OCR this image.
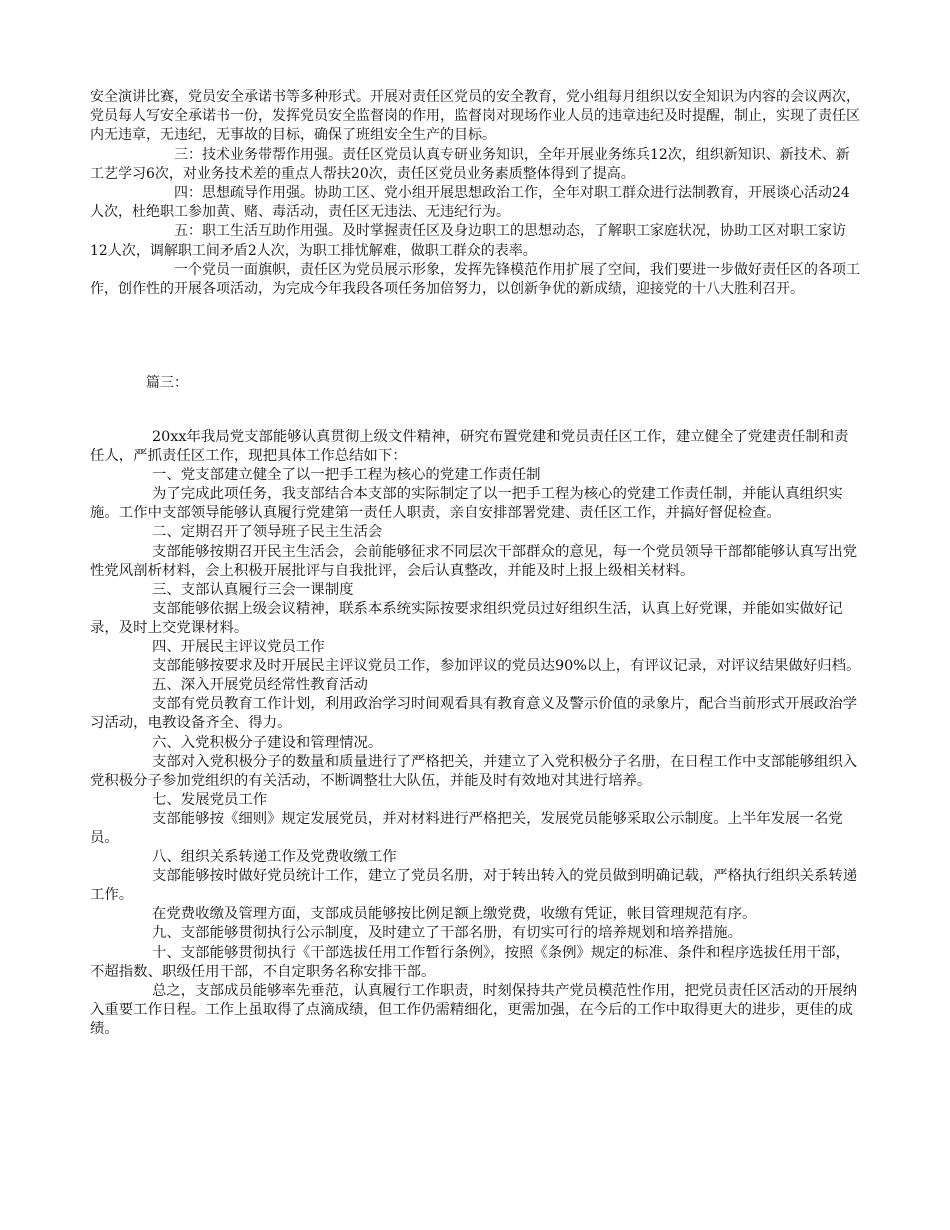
安全演讲比赛，党员安全承诺书等多种形式。开展对责任区党员的安全教育，党小组每月组织以安全知识为内容的会议两次，党员每人写安全承诺书一份，发挥党员安全监督岗的作用，监督岗对现场作业人员的违章违纪及时提醒，制止，实现了责任区内无违章，无违纪，无事故的目标，确保了班组安全生产的目标。

三：技术业务带帮作用强。责任区党员认真专研业务知识，全年开展业务练兵12次，组织新知识、新技术、新工艺学习6次，对业务技术差的重点人帮扶20次，责任区党员业务素质整体得到了提高。

四：思想疏导作用强。协助工区、党小组开展思想政治工作，全年对职工群众进行法制教育，开展谈心活动24人次，杜绝职工参加黄、赌、毒活动，责任区无违法、无违纪行为。

五：职工生活互助作用强。及时掌握责任区及身边职工的思想动态，了解职工家庭状况，协助工区对职工家访12人次，调解职工间矛盾2人次，为职工排忧解难，做职工群众的表率。

一个党员一面旗帜，责任区为党员展示形象，发挥先锋模范作用扩展了空间，我们要进一步做好责任区的各项工作，创作性的开展各项活动，为完成今年我段各项任务加倍努力，以创新争优的新成绩，迎接党的十八大胜利召开。

篇三：

20xx年我局党支部能够认真贯彻上级文件精神，研究布置党建和党员责任区工作，建立健全了党建责任制和责任人，严抓责任区工作，现把具体工作总结如下：

一、党支部建立健全了以一把手工程为核心的党建工作责任制

为了完成此项任务，我支部结合本支部的实际制定了以一把手工程为核心的党建工作责任制，并能认真组织实施。工作中支部领导能够认真履行党建第一责任人职责，亲自安排部署党建、责任区工作，并搞好督促检查。

二、定期召开了领导班子民主生活会

支部能够按期召开民主生活会，会前能够征求不同层次干部群众的意见，每一个党员领导干部都能够认真写出党性党风剖析材料，会上积极开展批评与自我批评，会后认真整改，并能及时上报上级相关材料。

三、支部认真履行三会一课制度

支部能够依据上级会议精神，联系本系统实际按要求组织党员过好组织生活，认真上好党课，并能如实做好记录，及时上交党课材料。

四、开展民主评议党员工作

支部能够按要求及时开展民主评议党员工作，参加评议的党员达90%以上，有评议记录，对评议结果做好归档。

五、深入开展党员经常性教育活动

支部有党员教育工作计划，利用政治学习时间观看具有教育意义及警示价值的录象片，配合当前形式开展政治学习活动，电教设备齐全、得力。

六、入党积极分子建设和管理情况。

支部对入党积极分子的数量和质量进行了严格把关，并建立了入党积极分子名册，在日程工作中支部能够组织入党积极分子参加党组织的有关活动，不断调整壮大队伍，并能及时有效地对其进行培养。

七、发展党员工作

支部能够按《细则》规定发展党员，并对材料进行严格把关，发展党员能够采取公示制度。上半年发展一名党员。

八、组织关系转递工作及党费收缴工作

支部能够按时做好党员统计工作，建立了党员名册，对于转出转入的党员做到明确记载，严格执行组织关系转递工作。

在党费收缴及管理方面，支部成员能够按比例足额上缴党费，收缴有凭证，帐目管理规范有序。

九、支部能够贯彻执行公示制度，及时建立了干部名册，有切实可行的培养规划和培养措施。

十、支部能够贯彻执行《干部选拔任用工作暂行条例》，按照《条例》规定的标准、条件和程序选拔任用干部，不超指数、职级任用干部，不自定职务名称安排干部。

总之，支部成员能够率先垂范，认真履行工作职责，时刻保持共产党员模范性作用，把党员责任区活动的开展纳入重要工作日程。工作上虽取得了点滴成绩，但工作仍需精细化，更需加强，在今后的工作中取得更大的进步，更佳的成绩。
